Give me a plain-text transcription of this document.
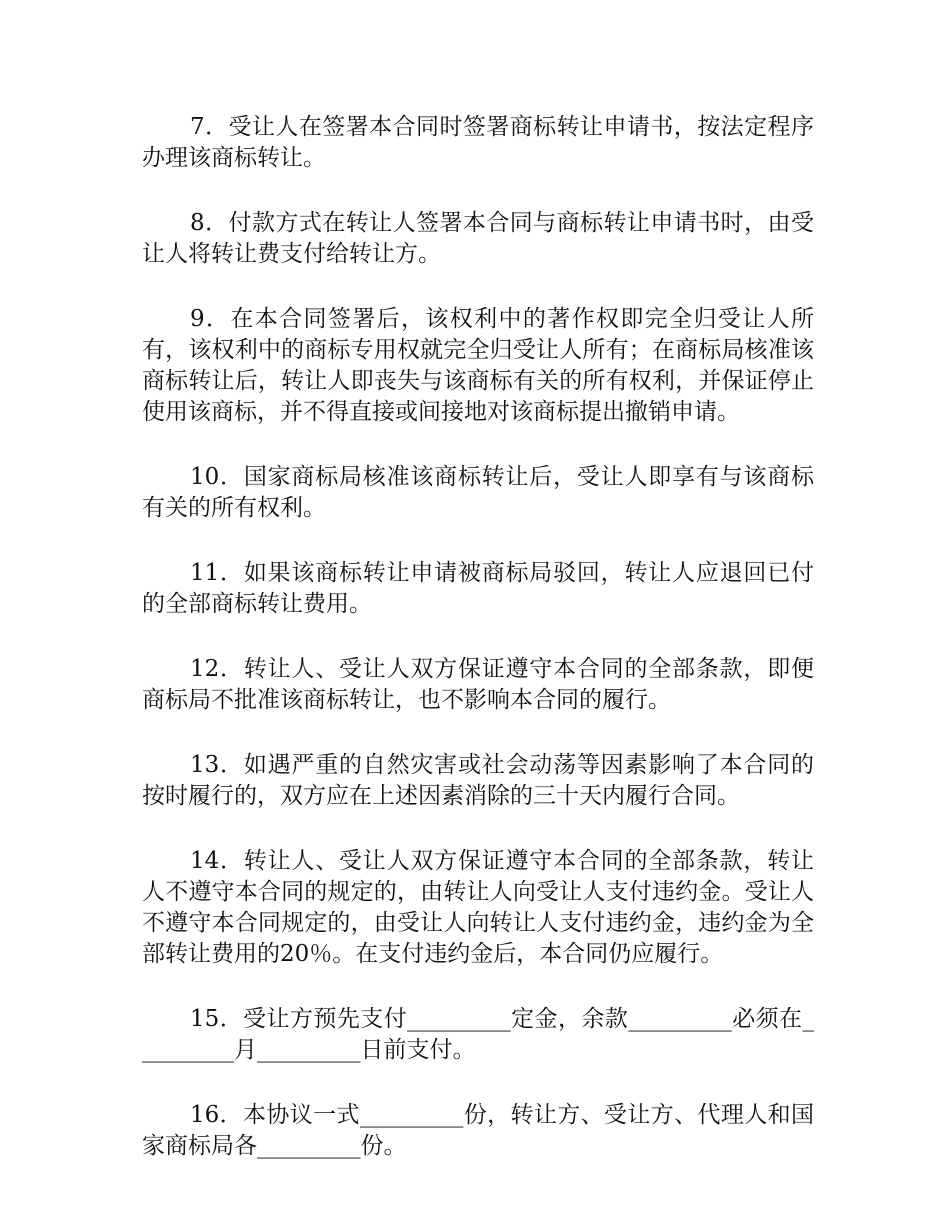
7．受让人在签署本合同时签署商标转让申请书，按法定程序办理该商标转让。

8．付款方式在转让人签署本合同与商标转让申请书时，由受让人将转让费支付给转让方。

9．在本合同签署后，该权利中的著作权即完全归受让人所有，该权利中的商标专用权就完全归受让人所有；在商标局核准该商标转让后，转让人即丧失与该商标有关的所有权利，并保证停止使用该商标，并不得直接或间接地对该商标提出撤销申请。

10．国家商标局核准该商标转让后，受让人即享有与该商标有关的所有权利。

11．如果该商标转让申请被商标局驳回，转让人应退回已付的全部商标转让费用。

12．转让人、受让人双方保证遵守本合同的全部条款，即便商标局不批准该商标转让，也不影响本合同的履行。

13．如遇严重的自然灾害或社会动荡等因素影响了本合同的按时履行的，双方应在上述因素消除的三十天内履行合同。

14．转让人、受让人双方保证遵守本合同的全部条款，转让人不遵守本合同的规定的，由转让人向受让人支付违约金。受让人不遵守本合同规定的，由受让人向转让人支付违约金，违约金为全部转让费用的20％。在支付违约金后，本合同仍应履行。

15．受让方预先支付_________定金，余款_________必须在_________月_________日前支付。

16．本协议一式_________份，转让方、受让方、代理人和国家商标局各_________份。
